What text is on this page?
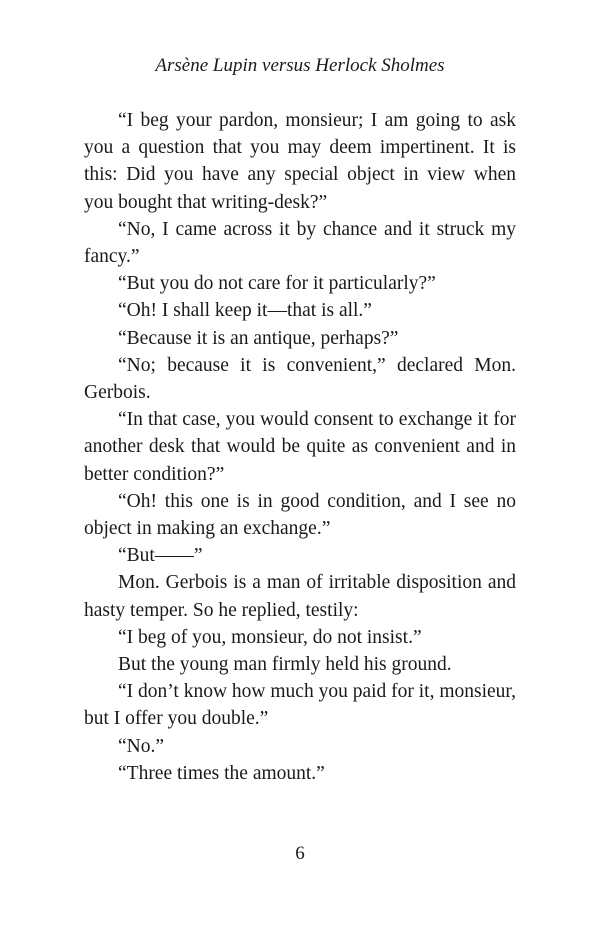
Arsène Lupin versus Herlock Sholmes

“I beg your pardon, monsieur; I am going to ask you a question that you may deem impertinent. It is this: Did you have any special object in view when you bought that writing-desk?”

“No, I came across it by chance and it struck my fancy.”

“But you do not care for it particularly?”

“Oh! I shall keep it—that is all.”

“Because it is an antique, perhaps?”

“No; because it is convenient,” declared Mon. Gerbois.

“In that case, you would consent to exchange it for another desk that would be quite as convenient and in better condition?”

“Oh! this one is in good condition, and I see no object in making an exchange.”

“But——”

Mon. Gerbois is a man of irritable disposition and hasty temper. So he replied, testily:

“I beg of you, monsieur, do not insist.”

But the young man firmly held his ground.

“I don’t know how much you paid for it, monsieur, but I offer you double.”

“No.”

“Three times the amount.”

6
